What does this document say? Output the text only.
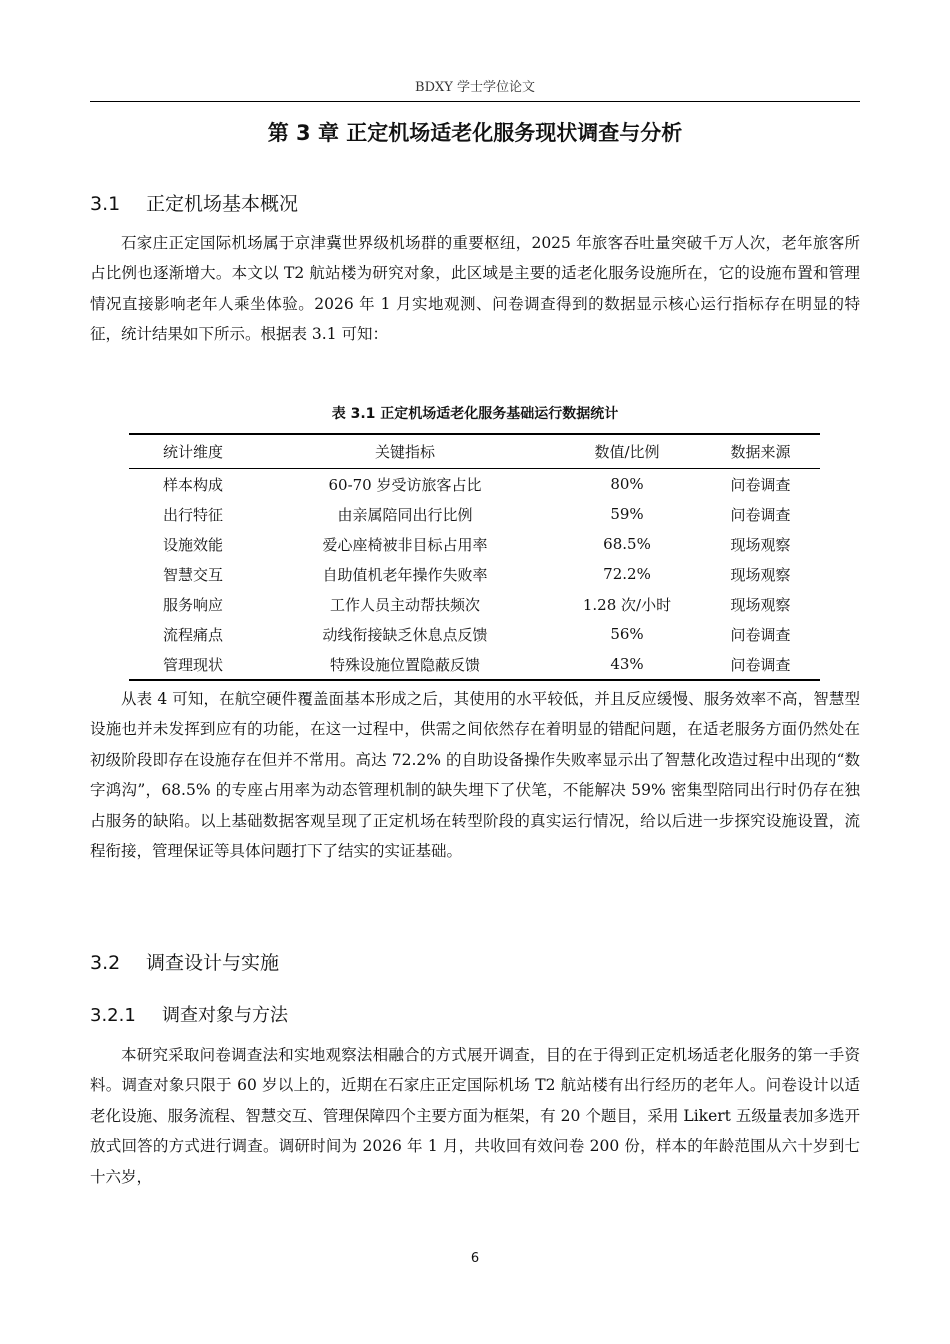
BDXY 学士学位论文
第 3 章 正定机场适老化服务现状调查与分析
3.1 正定机场基本概况

石家庄正定国际机场属于京津冀世界级机场群的重要枢纽，2025 年旅客吞吐量突破千万人次，老年旅客所占比例也逐渐增大。本文以 T2 航站楼为研究对象，此区域是主要的适老化服务设施所在，它的设施布置和管理情况直接影响老年人乘坐体验。2026 年 1 月实地观测、问卷调查得到的数据显示核心运行指标存在明显的特征，统计结果如下所示。根据表 3.1 可知：

表 3.1 正定机场适老化服务基础运行数据统计
统计维度	关键指标	数值/比例	数据来源
样本构成	60-70 岁受访旅客占比	80%	问卷调查
出行特征	由亲属陪同出行比例	59%	问卷调查
设施效能	爱心座椅被非目标占用率	68.5%	现场观察
智慧交互	自助值机老年操作失败率	72.2%	现场观察
服务响应	工作人员主动帮扶频次	1.28 次/小时	现场观察
流程痛点	动线衔接缺乏休息点反馈	56%	问卷调查
管理现状	特殊设施位置隐蔽反馈	43%	问卷调查

从表 4 可知，在航空硬件覆盖面基本形成之后，其使用的水平较低，并且反应缓慢、服务效率不高，智慧型设施也并未发挥到应有的功能，在这一过程中，供需之间依然存在着明显的错配问题，在适老服务方面仍然处在初级阶段即存在设施存在但并不常用。高达 72.2% 的自助设备操作失败率显示出了智慧化改造过程中出现的“数字鸿沟”，68.5% 的专座占用率为动态管理机制的缺失埋下了伏笔，不能解决 59% 密集型陪同出行时仍存在独占服务的缺陷。以上基础数据客观呈现了正定机场在转型阶段的真实运行情况，给以后进一步探究设施设置，流程衔接，管理保证等具体问题打下了结实的实证基础。

3.2 调查设计与实施
3.2.1 调查对象与方法

本研究采取问卷调查法和实地观察法相融合的方式展开调查，目的在于得到正定机场适老化服务的第一手资料。调查对象只限于 60 岁以上的，近期在石家庄正定国际机场 T2 航站楼有出行经历的老年人。问卷设计以适老化设施、服务流程、智慧交互、管理保障四个主要方面为框架，有 20 个题目，采用 Likert 五级量表加多选开放式回答的方式进行调查。调研时间为 2026 年 1 月，共收回有效问卷 200 份，样本的年龄范围从六十岁到七十六岁，

6
